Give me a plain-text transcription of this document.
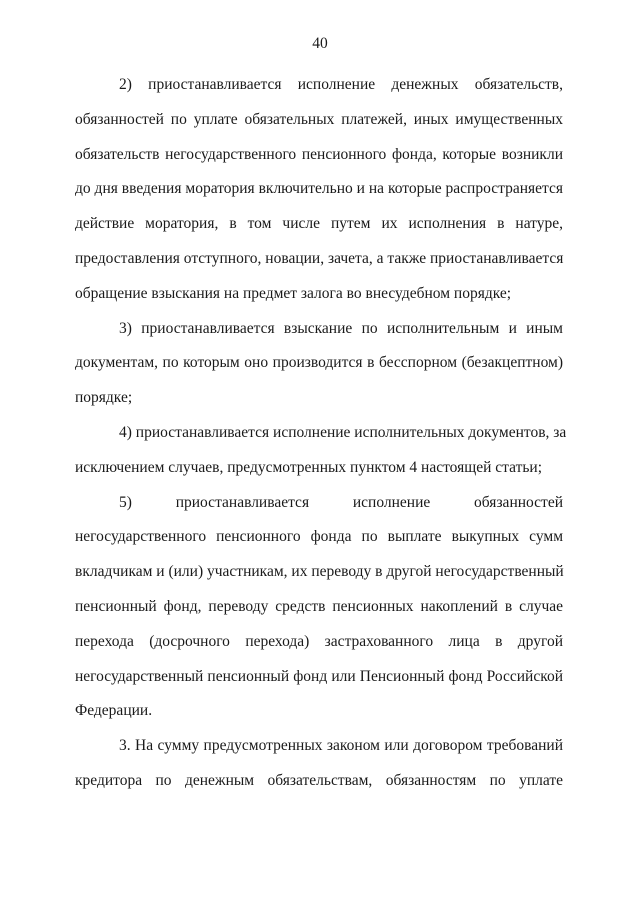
40
2) приостанавливается исполнение денежных обязательств,
обязанностей по уплате обязательных платежей, иных имущественных
обязательств негосударственного пенсионного фонда, которые возникли
до дня введения моратория включительно и на которые распространяется
действие моратория, в том числе путем их исполнения в натуре,
предоставления отступного, новации, зачета, а также приостанавливается
обращение взыскания на предмет залога во внесудебном порядке;
3) приостанавливается взыскание по исполнительным и иным
документам, по которым оно производится в бесспорном (безакцептном)
порядке;
4) приостанавливается исполнение исполнительных документов, за
исключением случаев, предусмотренных пунктом 4 настоящей статьи;
5) приостанавливается исполнение обязанностей
негосударственного пенсионного фонда по выплате выкупных сумм
вкладчикам и (или) участникам, их переводу в другой негосударственный
пенсионный фонд, переводу средств пенсионных накоплений в случае
перехода (досрочного перехода) застрахованного лица в другой
негосударственный пенсионный фонд или Пенсионный фонд Российской
Федерации.
3. На сумму предусмотренных законом или договором требований
кредитора по денежным обязательствам, обязанностям по уплате
